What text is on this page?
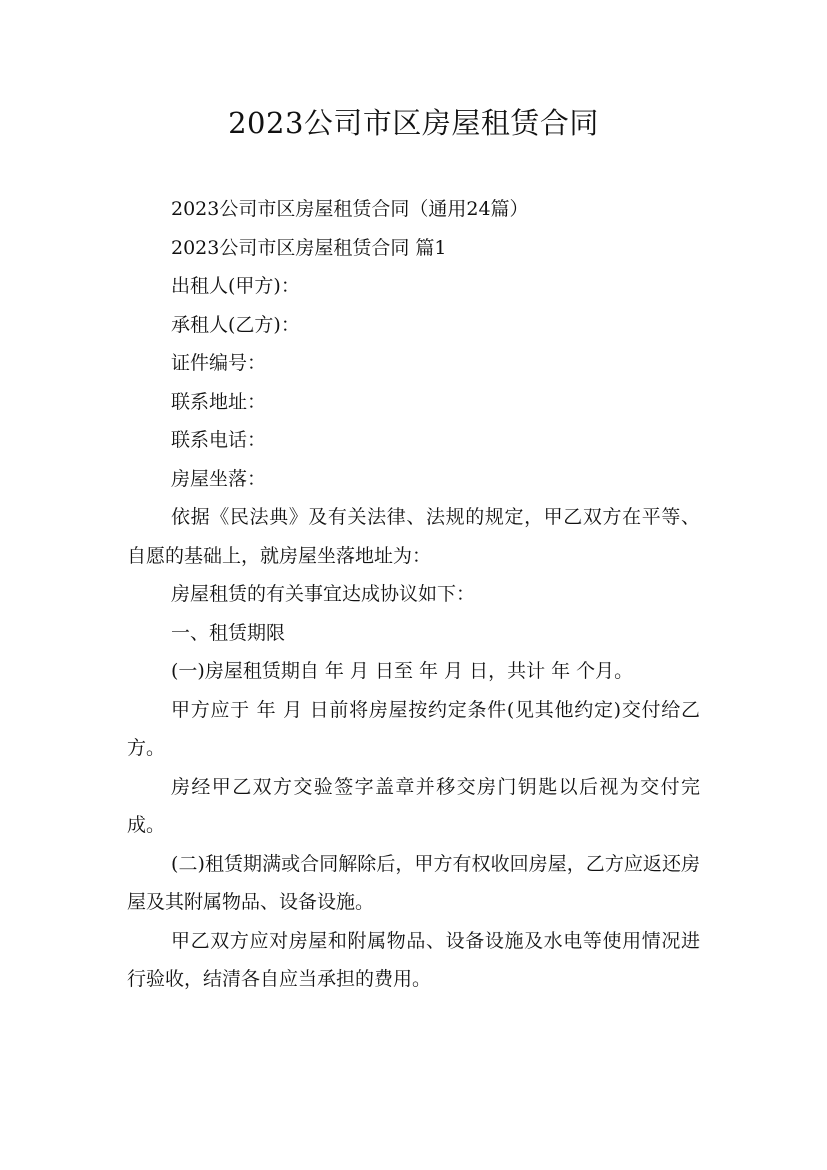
2023公司市区房屋租赁合同

2023公司市区房屋租赁合同（通用24篇）

2023公司市区房屋租赁合同 篇1

出租人(甲方)：

承租人(乙方)：

证件编号：

联系地址：

联系电话：

房屋坐落：

依据《民法典》及有关法律、法规的规定，甲乙双方在平等、自愿的基础上，就房屋坐落地址为：

房屋租赁的有关事宜达成协议如下：

一、租赁期限

(一)房屋租赁期自 年 月 日至 年 月 日，共计 年 个月。

甲方应于 年 月 日前将房屋按约定条件(见其他约定)交付给乙方。

房经甲乙双方交验签字盖章并移交房门钥匙以后视为交付完成。

(二)租赁期满或合同解除后，甲方有权收回房屋，乙方应返还房屋及其附属物品、设备设施。

甲乙双方应对房屋和附属物品、设备设施及水电等使用情况进行验收，结清各自应当承担的费用。
